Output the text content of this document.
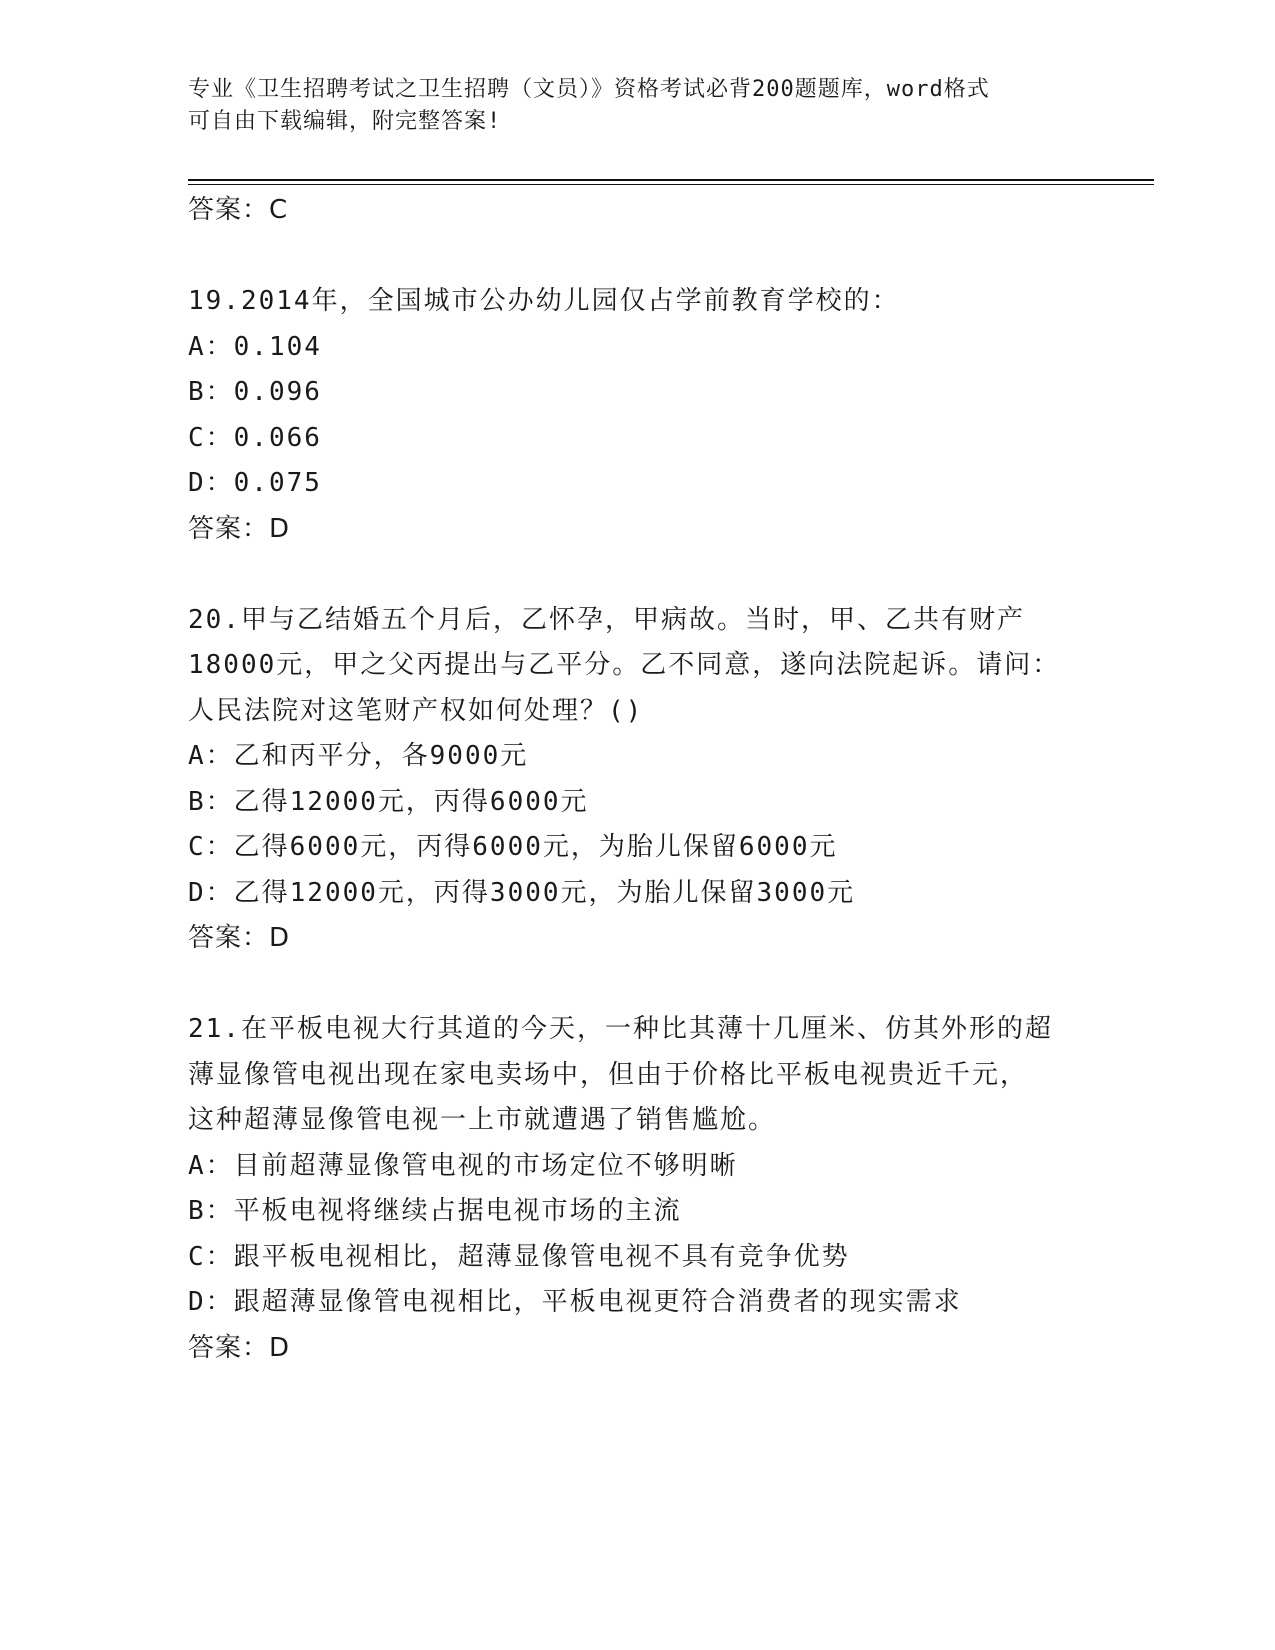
专业《卫生招聘考试之卫生招聘（文员）》资格考试必背200题题库，word格式
可自由下载编辑，附完整答案!
答案：C
19.2014年，全国城市公办幼儿园仅占学前教育学校的：
A：0.104
B：0.096
C：0.066
D：0.075
答案：D
20.甲与乙结婚五个月后，乙怀孕，甲病故。当时，甲、乙共有财产
18000元，甲之父丙提出与乙平分。乙不同意，遂向法院起诉。请问：
人民法院对这笔财产权如何处理？()
A：乙和丙平分，各9000元
B：乙得12000元，丙得6000元
C：乙得6000元，丙得6000元，为胎儿保留6000元
D：乙得12000元，丙得3000元，为胎儿保留3000元
答案：D
21.在平板电视大行其道的今天，一种比其薄十几厘米、仿其外形的超
薄显像管电视出现在家电卖场中，但由于价格比平板电视贵近千元，
这种超薄显像管电视一上市就遭遇了销售尴尬。
A：目前超薄显像管电视的市场定位不够明晰
B：平板电视将继续占据电视市场的主流
C：跟平板电视相比，超薄显像管电视不具有竞争优势
D：跟超薄显像管电视相比，平板电视更符合消费者的现实需求
答案：D
